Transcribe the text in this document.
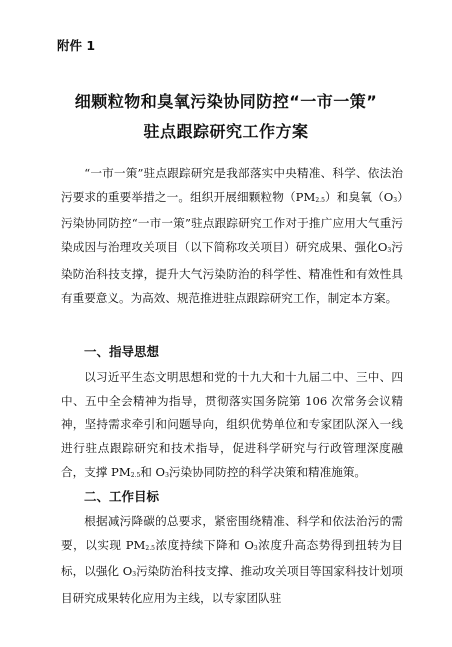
附件 1
细颗粒物和臭氧污染协同防控“一市一策”
驻点跟踪研究工作方案

“一市一策”驻点跟踪研究是我部落实中央精准、科学、依法治污要求的重要举措之一。组织开展细颗粒物$(PM_{2.5})$和臭氧$(O_3)$污染协同防控“一市一策”驻点跟踪研究工作对于推广应用大气重污染成因与治理攻关项目（以下简称攻关项目）研究成果、强化$O_3$污染防治科技支撑，提升大气污染防治的科学性、精准性和有效性具有重要意义。为高效、规范推进驻点跟踪研究工作，制定本方案。

一、指导思想

以习近平生态文明思想和党的十九大和十九届二中、三中、四中、五中全会精神为指导，贯彻落实国务院第 106 次常务会议精神，坚持需求牵引和问题导向，组织优势单位和专家团队深入一线进行驻点跟踪研究和技术指导，促进科学研究与行政管理深度融合，支撑 $PM_{2.5}$和 $O_3$污染协同防控的科学决策和精准施策。

二、工作目标

根据减污降碳的总要求，紧密围绕精准、科学和依法治污的需要，以实现 $PM_{2.5}$浓度持续下降和 $O_3$浓度升高态势得到扭转为目标，以强化 $O_3$污染防治科技支撑、推动攻关项目等国家科技计划项目研究成果转化应用为主线，以专家团队驻
